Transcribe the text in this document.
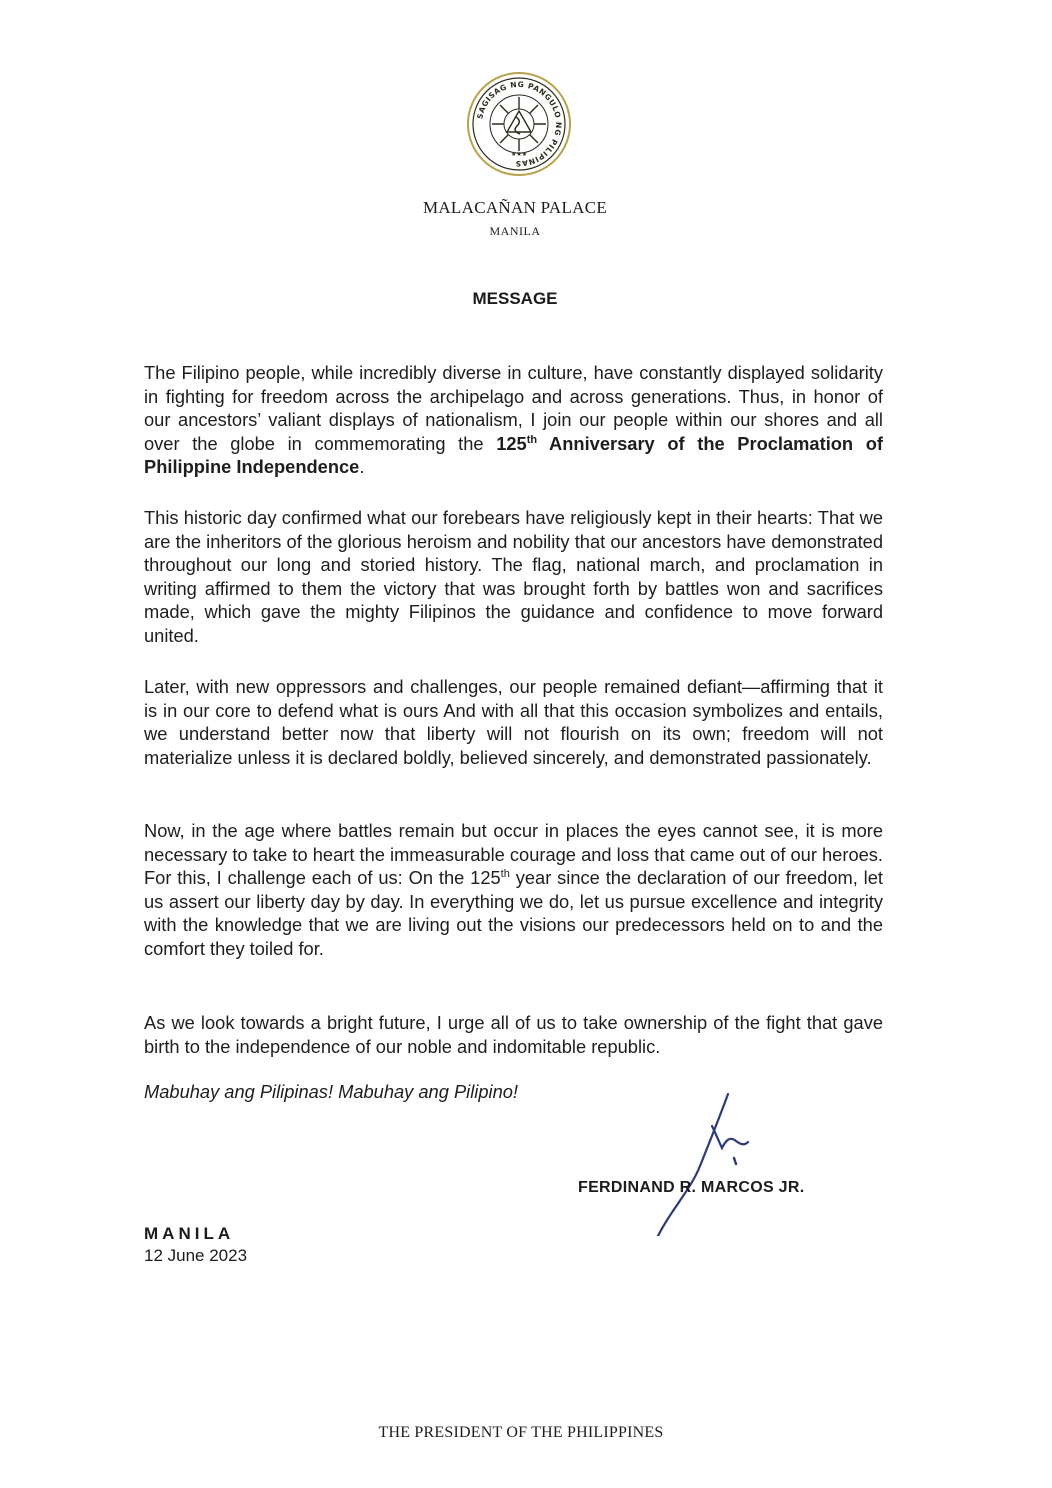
SAGISAG NG PANGULO NG PILIPINAS
★★★
MALACAÑAN PALACE
MANILA
MESSAGE
The Filipino people, while incredibly diverse in culture, have constantly displayed solidarity in fighting for freedom across the archipelago and across generations. Thus, in honor of our ancestors’ valiant displays of nationalism, I join our people within our shores and all over the globe in commemorating the 125th Anniversary of the Proclamation of Philippine Independence.
This historic day confirmed what our forebears have religiously kept in their hearts: That we are the inheritors of the glorious heroism and nobility that our ancestors have demonstrated throughout our long and storied history. The flag, national march, and proclamation in writing affirmed to them the victory that was brought forth by battles won and sacrifices made, which gave the mighty Filipinos the guidance and confidence to move forward united.
Later, with new oppressors and challenges, our people remained defiant—affirming that it is in our core to defend what is ours And with all that this occasion symbolizes and entails, we understand better now that liberty will not flourish on its own; freedom will not materialize unless it is declared boldly, believed sincerely, and demonstrated passionately.
Now, in the age where battles remain but occur in places the eyes cannot see, it is more necessary to take to heart the immeasurable courage and loss that came out of our heroes. For this, I challenge each of us: On the 125th year since the declaration of our freedom, let us assert our liberty day by day. In everything we do, let us pursue excellence and integrity with the knowledge that we are living out the visions our predecessors held on to and the comfort they toiled for.
As we look towards a bright future, I urge all of us to take ownership of the fight that gave birth to the independence of our noble and indomitable republic.
Mabuhay ang Pilipinas! Mabuhay ang Pilipino!
FERDINAND R. MARCOS JR.
MANILA
12 June 2023
THE PRESIDENT OF THE PHILIPPINES
